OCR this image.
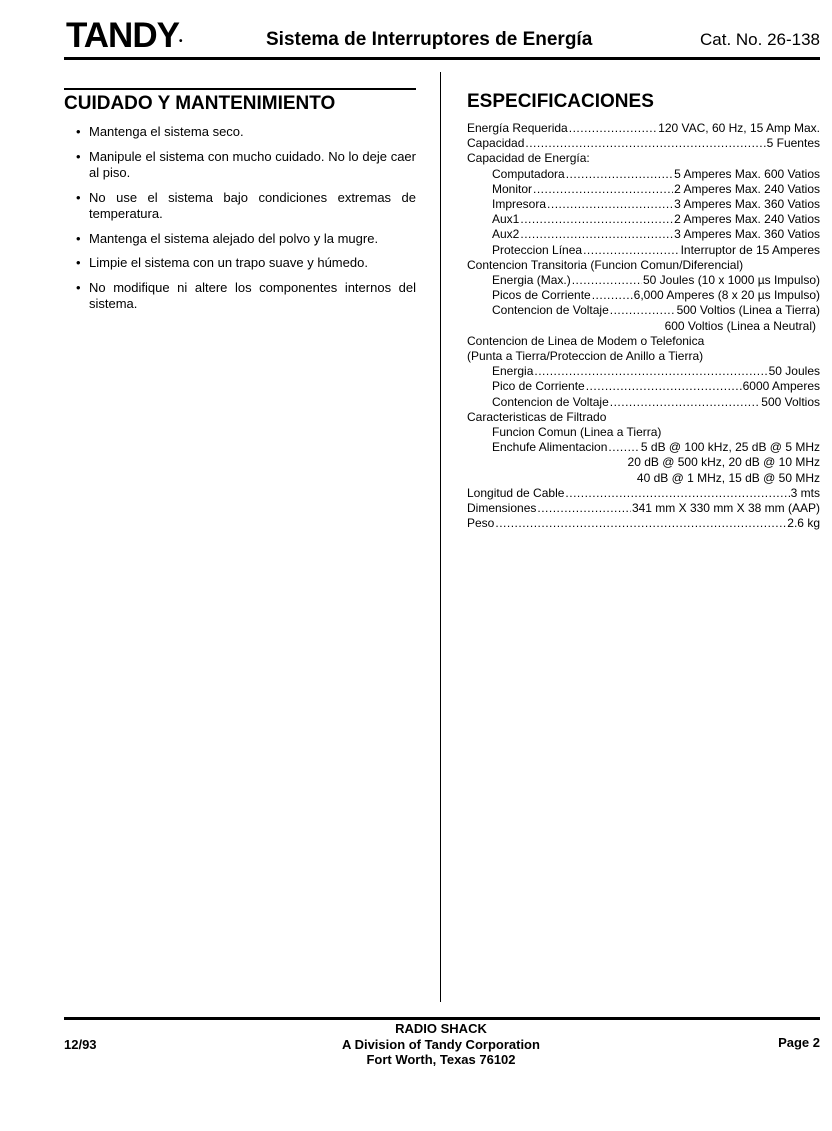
TANDY•	Sistema de Interruptores de Energía	Cat. No. 26-138
CUIDADO Y MANTENIMIENTO
• Mantenga el sistema seco.
• Manipule el sistema con mucho cuidado. No lo deje caer al piso.
• No use el sistema bajo condiciones extremas de temperatura.
• Mantenga el sistema alejado del polvo y la mugre.
• Limpie el sistema con un trapo suave y húmedo.
• No modifique ni altere los componentes internos del sistema.
ESPECIFICACIONES
Energía Requerida .....	120 VAC, 60 Hz, 15 Amp Max.
Capacidad .....	5 Fuentes
Capacidad de Energía:
Computadora .....	5 Amperes Max. 600 Vatios
Monitor .....	2 Amperes Max. 240 Vatios
Impresora .....	3 Amperes Max. 360 Vatios
Aux1 .....	2 Amperes Max. 240 Vatios
Aux2 .....	3 Amperes Max. 360 Vatios
Proteccion Línea .....	Interruptor de 15 Amperes
Contencion Transitoria (Funcion Comun/Diferencial)
Energia (Max.) .....	50 Joules (10 x 1000 µs Impulso)
Picos de Corriente .....	6,000 Amperes (8 x 20 µs Impulso)
Contencion de Voltaje .....	500 Voltios (Linea a Tierra)
600 Voltios (Linea a Neutral)
Contencion de Linea de Modem o Telefonica
(Punta a Tierra/Proteccion de Anillo a Tierra)
Energia .....	50 Joules
Pico de Corriente .....	6000 Amperes
Contencion de Voltaje .....	500 Voltios
Caracteristicas de Filtrado
Funcion Comun (Linea a Tierra)
Enchufe Alimentacion .....	5 dB @ 100 kHz, 25 dB @ 5 MHz
20 dB @ 500 kHz, 20 dB @ 10 MHz
40 dB @ 1 MHz, 15 dB @ 50 MHz
Longitud de Cable .....	3 mts
Dimensiones .....	341 mm X 330 mm X 38 mm (AAP)
Peso .....	2.6 kg
12/93
RADIO SHACK
A Division of Tandy Corporation
Fort Worth, Texas 76102
Page 2
